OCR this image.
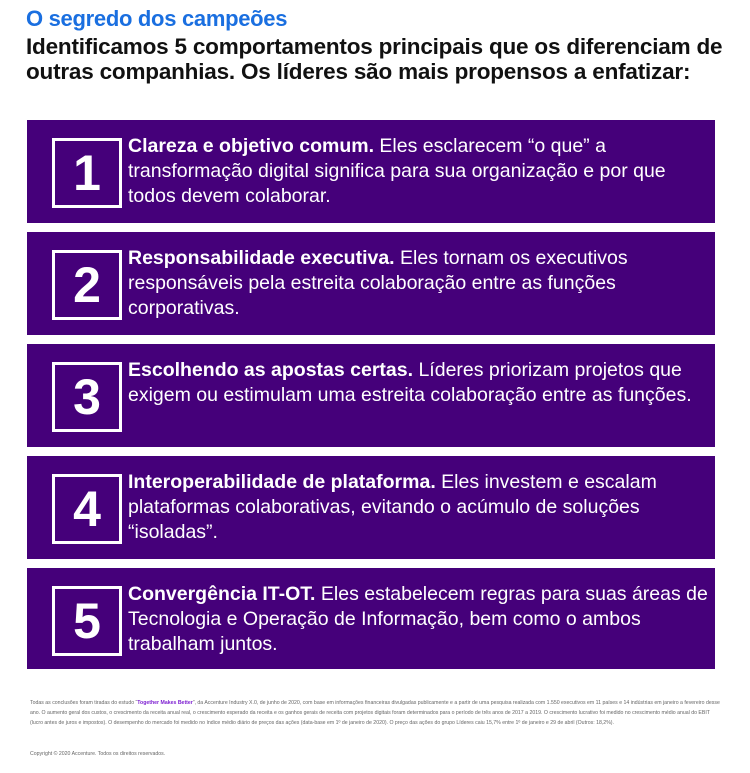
O segredo dos campeões
Identificamos 5 comportamentos principais que os diferenciam de outras companhias. Os líderes são mais propensos a enfatizar:
1	Clareza e objetivo comum. Eles esclarecem “o que” a transformação digital significa para sua organização e por que todos devem colaborar.
2	Responsabilidade executiva. Eles tornam os executivos responsáveis pela estreita colaboração entre as funções corporativas.
3	Escolhendo as apostas certas. Líderes priorizam projetos que exigem ou estimulam uma estreita colaboração entre as funções.
4	Interoperabilidade de plataforma. Eles investem e escalam plataformas colaborativas, evitando o acúmulo de soluções “isoladas”.
5	Convergência IT-OT. Eles estabelecem regras para suas áreas de Tecnologia e Operação de Informação, bem como o ambos trabalham juntos.
Todas as conclusões foram tiradas do estudo “Together Makes Better”, da Accenture Industry X.0, de junho de 2020, com base em informações financeiras divulgadas publicamente e a partir de uma pesquisa realizada com 1.550 executivos em 11 países e 14 indústrias em janeiro a fevereiro desse ano. O aumento geral dos custos, o crescimento da receita anual real, o crescimento esperado da receita e os ganhos gerais de receita com projetos digitais foram determinados para o período de três anos de 2017 a 2019. O crescimento lucrativo foi medido no crescimento médio anual do EBIT (lucro antes de juros e impostos). O desempenho do mercado foi medido no índice médio diário de preços das ações (data-base em 1º de janeiro de 2020). O preço das ações do grupo Líderes caiu 15,7% entre 1º de janeiro e 29 de abril (Outros: 18,2%).
Copyright © 2020 Accenture. Todos os direitos reservados.
